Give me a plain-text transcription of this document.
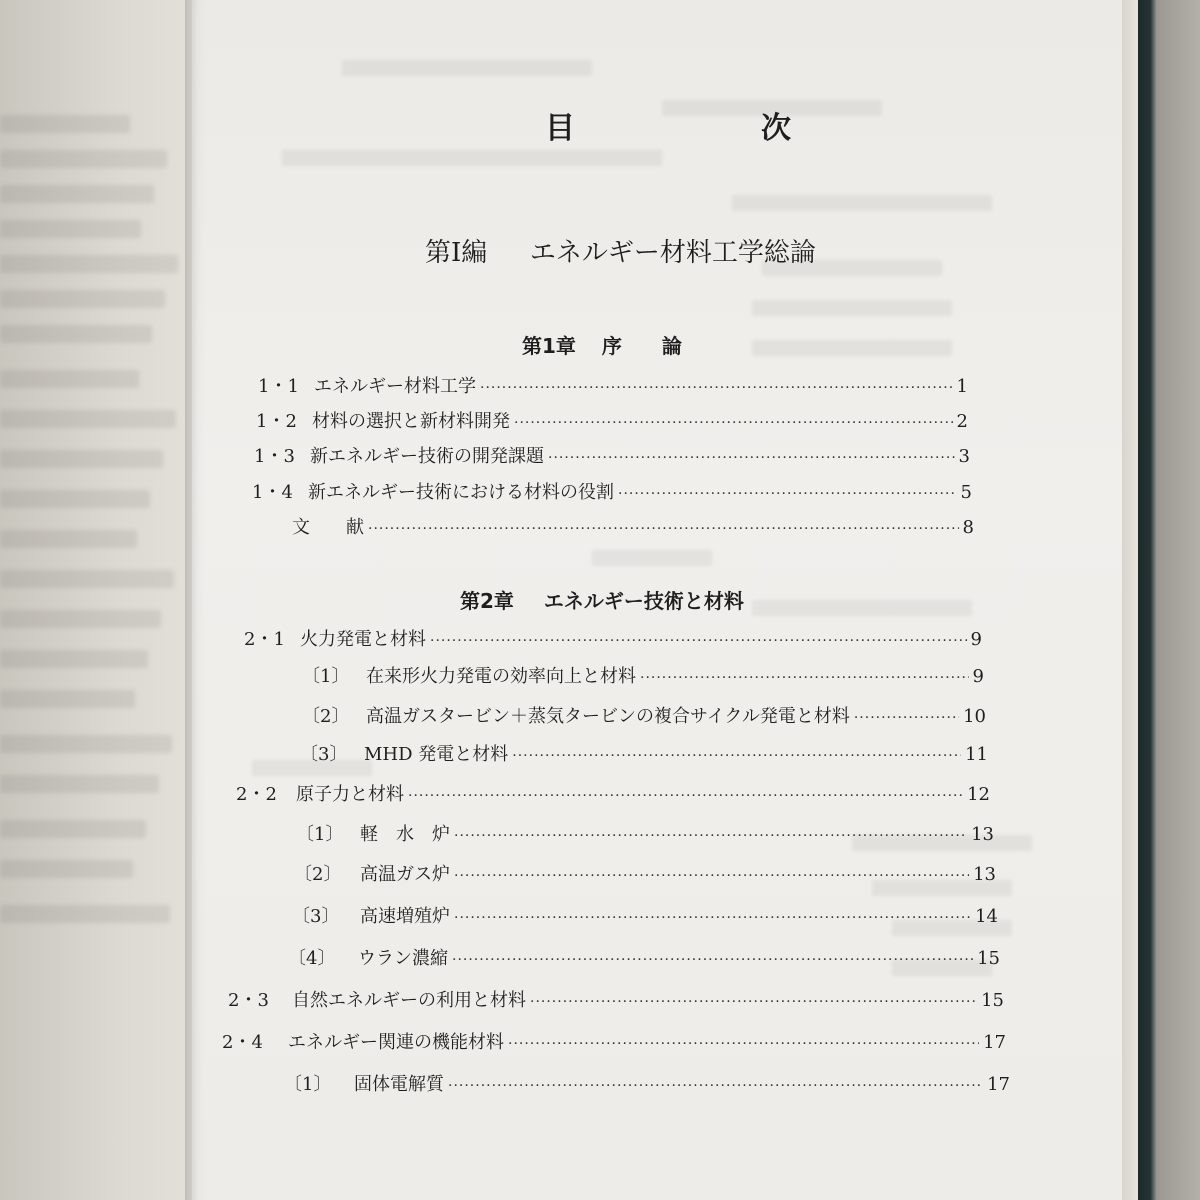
目　次
第Ⅰ編 エネルギー材料工学総論
第1章 序　　論
第2章 エネルギー技術と材料
1・1 エネルギー材料工学 ·····	1
1・2 材料の選択と新材料開発 ·····	2
1・3 新エネルギー技術の開発課題 ·····	3
1・4 新エネルギー技術における材料の役割 ·····	5
文　　献 ·····	8
2・1 火力発電と材料 ·····	9
〔1〕 在来形火力発電の効率向上と材料 ·····	9
〔2〕 高温ガスタービン＋蒸気タービンの複合サイクル発電と材料 ·····	10
〔3〕 MHD 発電と材料 ·····	11
2・2	原子力と材料 ·····	12
〔1〕 軽　水　炉 ·····	13
〔2〕	高温ガス炉 ·····	13
〔3〕	高速増殖炉 ·····	14
〔4〕	ウラン濃縮 ·····	15
2・3	自然エネルギーの利用と材料 ·····	15
2・4	エネルギー関連の機能材料 ·····	17
〔1〕	固体電解質 ·····	17
